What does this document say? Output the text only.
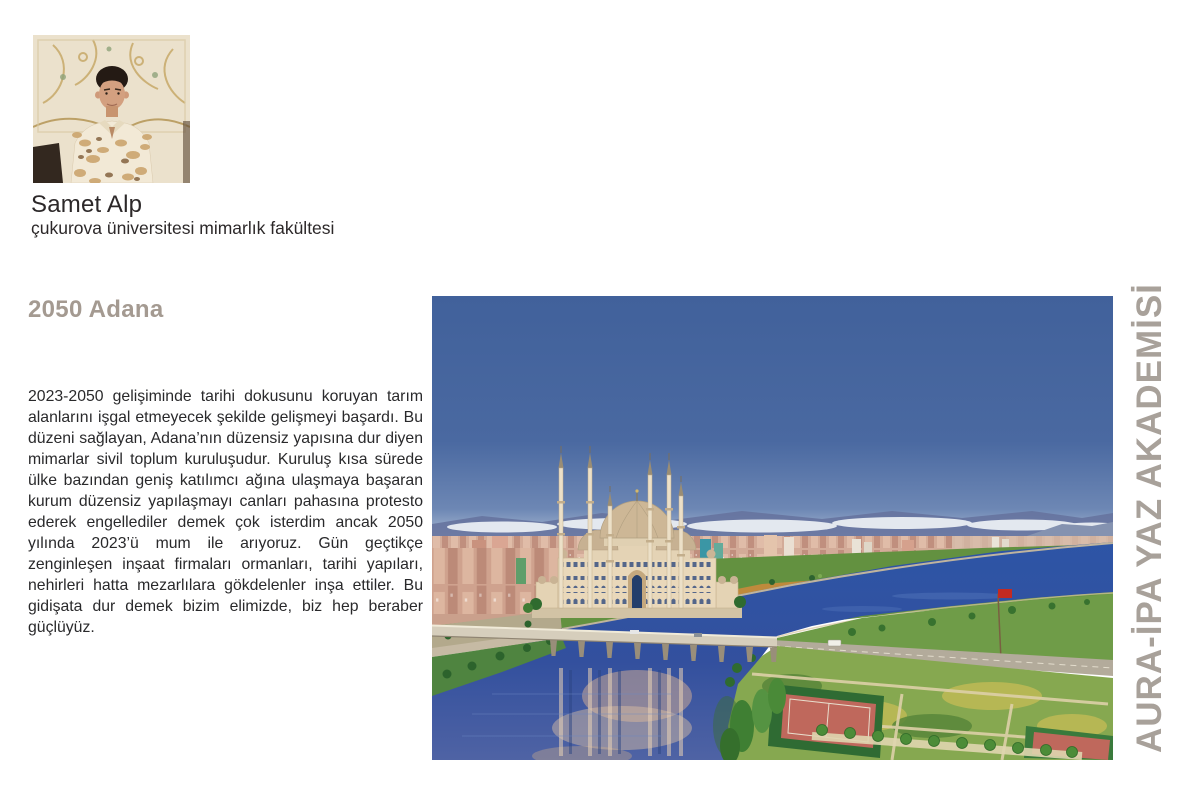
Samet Alp
çukurova üniversitesi mimarlık fakültesi
2050 Adana
2023-2050 gelişiminde tarihi dokusunu koruyan tarım alanlarını işgal etmeyecek şekilde gelişmeyi başardı. Bu düzeni sağlayan, Adana’nın düzensiz yapısına dur diyen mimarlar sivil toplum kuruluşudur. Kuruluş kısa sürede ülke bazından geniş katılımcı ağına ulaşmaya başaran kurum düzensiz yapılaşmayı canları pahasına protesto ederek engellediler demek çok isterdim ancak 2050 yılında 2023’ü mum ile arıyoruz. Gün geçtikçe zenginleşen inşaat firmaları ormanları, tarihi yapıları, nehirleri hatta mezarlılara gökdelenler inşa ettiler. Bu gidişata dur demek bizim elimizde, biz hep beraber güçlüyüz.	AURA-İPA YAZ AKADEMİSİ
